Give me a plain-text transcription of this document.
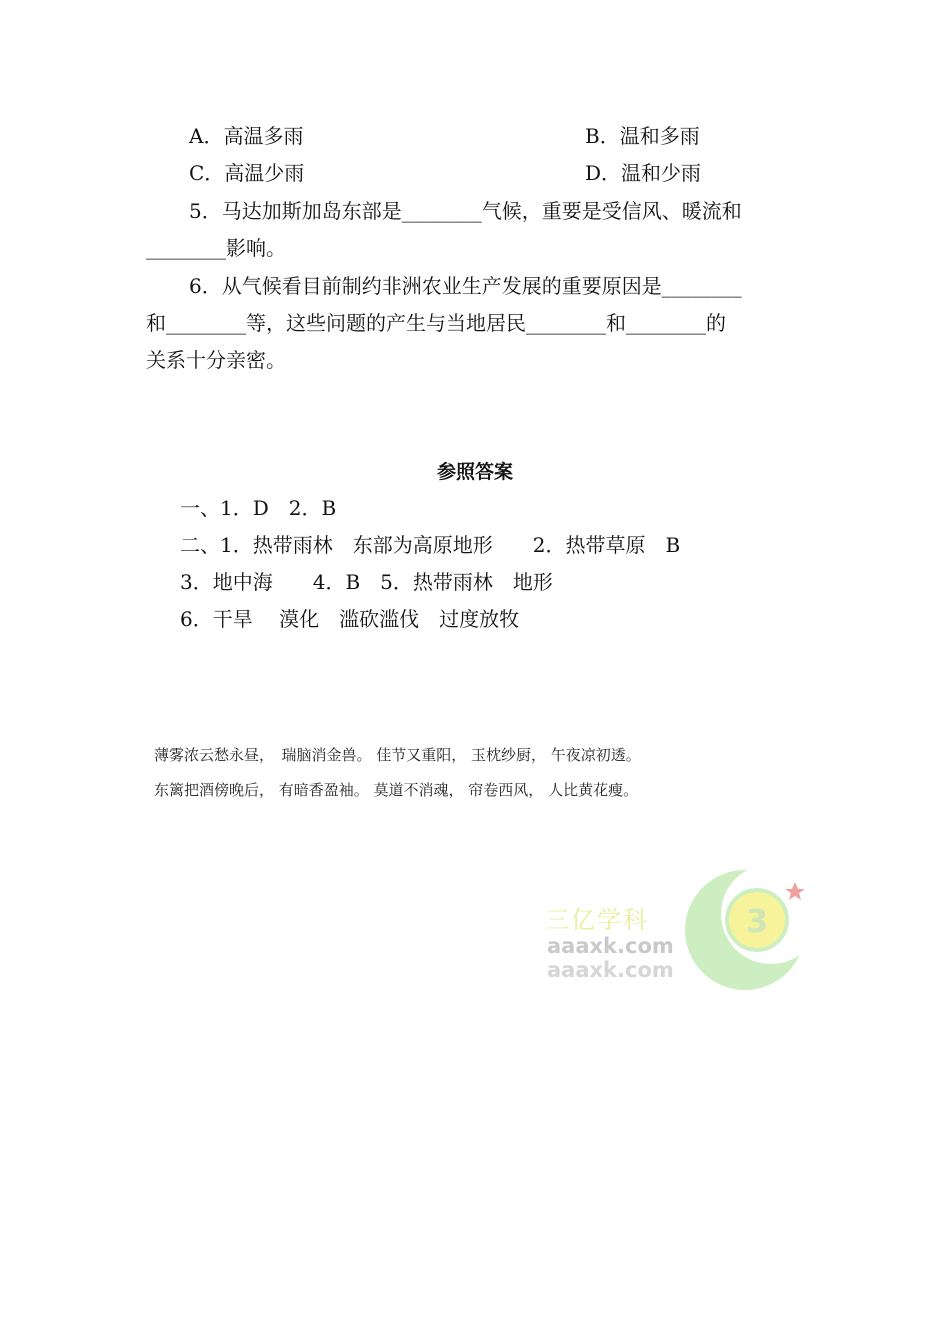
A．高温多雨	B．温和多雨
C．高温少雨	D．温和少雨
5．马达加斯加岛东部是________气候，重要是受信风、暖流和
________影响。
6．从气候看目前制约非洲农业生产发展的重要原因是________
和________等，这些问题的产生与当地居民________和________的
关系十分亲密。
参照答案
一、1．D　2．B
二、1．热带雨林　东部为高原地形　　2．热带草原　B
3．地中海　　4．B　5．热带雨林　地形
6．干旱　 漠化　滥砍滥伐　过度放牧
薄雾浓云愁永昼，　瑞脑消金兽。 佳节又重阳， 玉枕纱厨， 午夜凉初透。
东篱把酒傍晚后， 有暗香盈袖。 莫道不消魂， 帘卷西风， 人比黄花瘦。
3
三亿学科
aaaxk.com
aaaxk.com
